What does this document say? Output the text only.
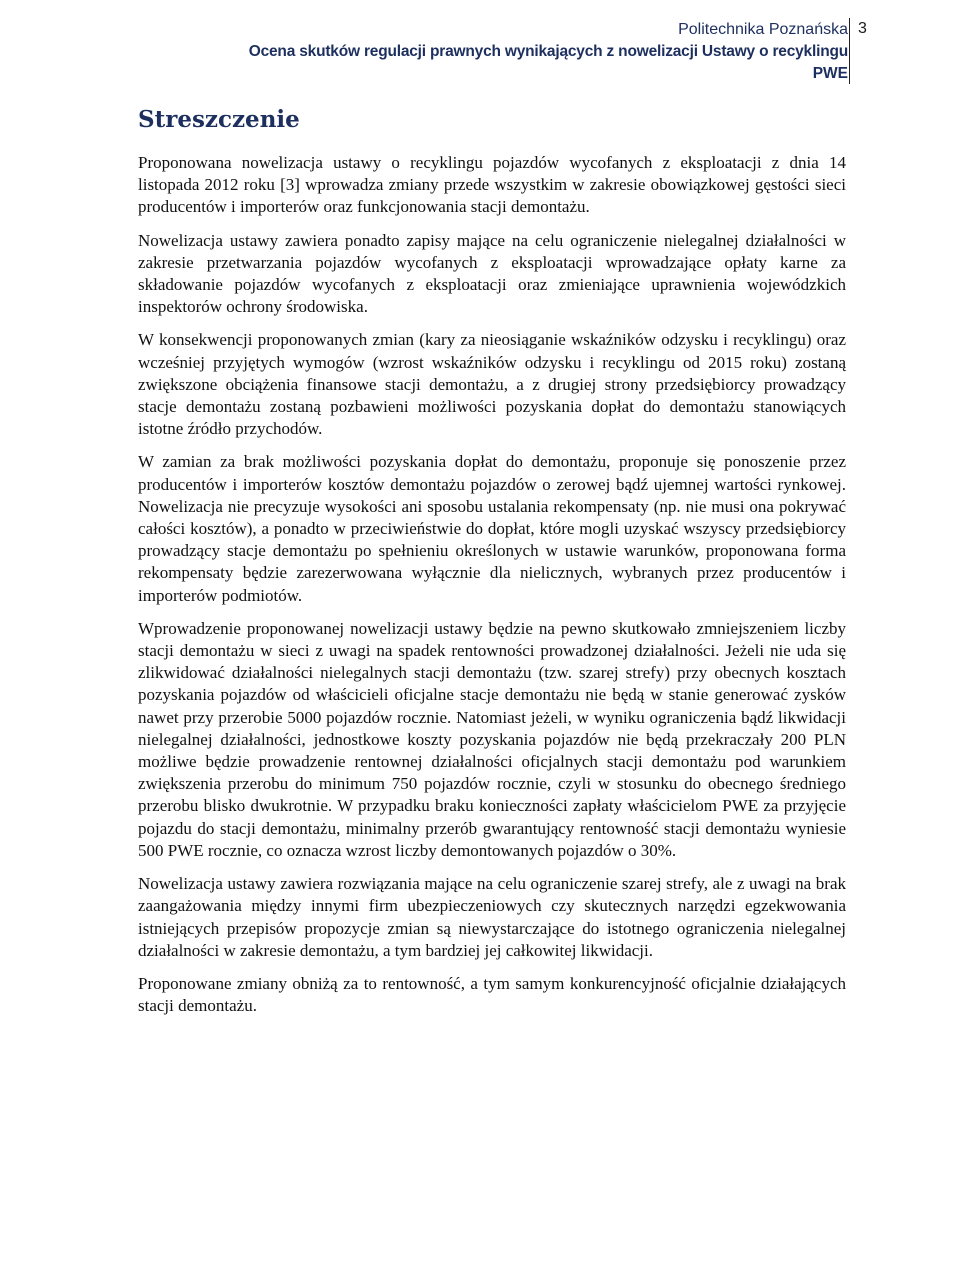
Politechnika Poznańska
Ocena skutków regulacji prawnych wynikających z nowelizacji Ustawy o recyklingu
PWE
3
Streszczenie

Proponowana nowelizacja ustawy o recyklingu pojazdów wycofanych z eksploatacji z dnia 14 listopada 2012 roku [3] wprowadza zmiany przede wszystkim w zakresie obowiązkowej gęstości sieci producentów i importerów oraz funkcjonowania stacji demontażu.

Nowelizacja ustawy zawiera ponadto zapisy mające na celu ograniczenie nielegalnej działalności w zakresie przetwarzania pojazdów wycofanych z eksploatacji wprowadzające opłaty karne za składowanie pojazdów wycofanych z eksploatacji oraz zmieniające uprawnienia wojewódzkich inspektorów ochrony środowiska.

W konsekwencji proponowanych zmian (kary za nieosiąganie wskaźników odzysku i recyklingu) oraz wcześniej przyjętych wymogów (wzrost wskaźników odzysku i recyklingu od 2015 roku) zostaną zwiększone obciążenia finansowe stacji demontażu, a z drugiej strony przedsiębiorcy prowadzący stacje demontażu zostaną pozbawieni możliwości pozyskania dopłat do demontażu stanowiących istotne źródło przychodów.

W zamian za brak możliwości pozyskania dopłat do demontażu, proponuje się ponoszenie przez producentów i importerów kosztów demontażu pojazdów o zerowej bądź ujemnej wartości rynkowej. Nowelizacja nie precyzuje wysokości ani sposobu ustalania rekompensaty (np. nie musi ona pokrywać całości kosztów), a ponadto w przeciwieństwie do dopłat, które mogli uzyskać wszyscy przedsiębiorcy prowadzący stacje demontażu po spełnieniu określonych w ustawie warunków, proponowana forma rekompensaty będzie zarezerwowana wyłącznie dla nielicznych, wybranych przez producentów i importerów podmiotów.

Wprowadzenie proponowanej nowelizacji ustawy będzie na pewno skutkowało zmniejszeniem liczby stacji demontażu w sieci z uwagi na spadek rentowności prowadzonej działalności. Jeżeli nie uda się zlikwidować działalności nielegalnych stacji demontażu (tzw. szarej strefy) przy obecnych kosztach pozyskania pojazdów od właścicieli oficjalne stacje demontażu nie będą w stanie generować zysków nawet przy przerobie 5000 pojazdów rocznie. Natomiast jeżeli, w wyniku ograniczenia bądź likwidacji nielegalnej działalności, jednostkowe koszty pozyskania pojazdów nie będą przekraczały 200 PLN możliwe będzie prowadzenie rentownej działalności oficjalnych stacji demontażu pod warunkiem zwiększenia przerobu do minimum 750 pojazdów rocznie, czyli w stosunku do obecnego średniego przerobu blisko dwukrotnie. W przypadku braku konieczności zapłaty właścicielom PWE za przyjęcie pojazdu do stacji demontażu, minimalny przerób gwarantujący rentowność stacji demontażu wyniesie 500 PWE rocznie, co oznacza wzrost liczby demontowanych pojazdów o 30%.

Nowelizacja ustawy zawiera rozwiązania mające na celu ograniczenie szarej strefy, ale z uwagi na brak zaangażowania między innymi firm ubezpieczeniowych czy skutecznych narzędzi egzekwowania istniejących przepisów propozycje zmian są niewystarczające do istotnego ograniczenia nielegalnej działalności w zakresie demontażu, a tym bardziej jej całkowitej likwidacji.

Proponowane zmiany obniżą za to rentowność, a tym samym konkurencyjność oficjalnie działających stacji demontażu.
